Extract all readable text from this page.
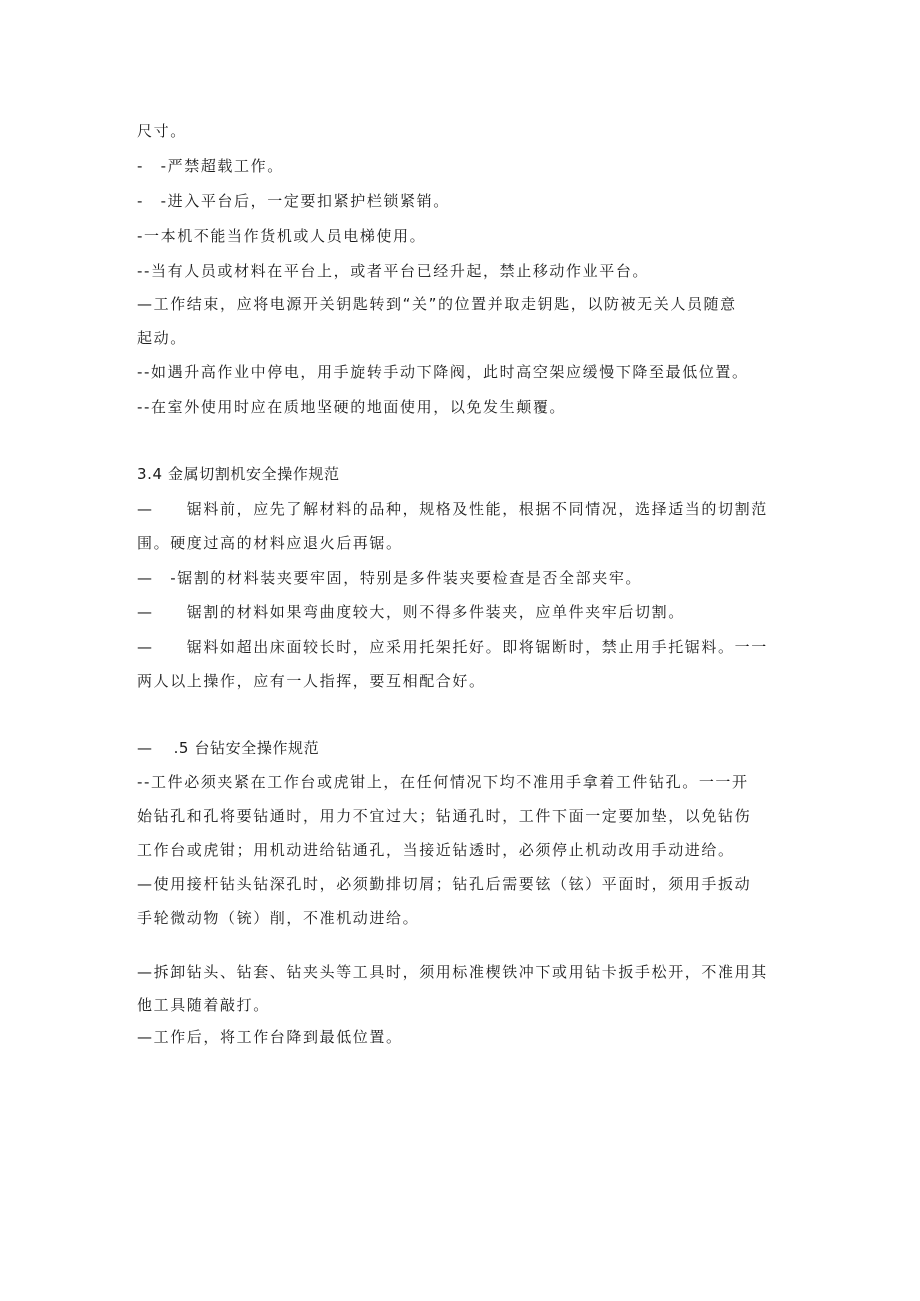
尺寸。
-　-严禁超载工作。
-　-进入平台后，一定要扣紧护栏锁紧销。
-一本机不能当作货机或人员电梯使用。
--当有人员或材料在平台上，或者平台已经升起，禁止移动作业平台。
—工作结束，应将电源开关钥匙转到“关”的位置并取走钥匙，以防被无关人员随意
起动。
--如遇升高作业中停电，用手旋转手动下降阀，此时高空架应缓慢下降至最低位置。
--在室外使用时应在质地坚硬的地面使用，以免发生颠覆。
3.4 金属切割机安全操作规范
—　　锯料前，应先了解材料的品种，规格及性能，根据不同情况，选择适当的切割范
围。硬度过高的材料应退火后再锯。
—　-锯割的材料装夹要牢固，特别是多件装夹要检查是否全部夹牢。
—　　锯割的材料如果弯曲度较大，则不得多件装夹，应单件夹牢后切割。
—　　锯料如超出床面较长时，应采用托架托好。即将锯断时，禁止用手托锯料。一一
两人以上操作，应有一人指挥，要互相配合好。
—　 .5 台钻安全操作规范
--工件必须夹紧在工作台或虎钳上，在任何情况下均不准用手拿着工件钻孔。一一开
始钻孔和孔将要钻通时，用力不宜过大；钻通孔时，工件下面一定要加垫，以免钻伤
工作台或虎钳；用机动进给钻通孔，当接近钻透时，必须停止机动改用手动进给。
—使用接杆钻头钻深孔时，必须勤排切屑；钻孔后需要铉（铉）平面时，须用手扳动
手轮微动物（铳）削，不准机动进给。
—拆卸钻头、钻套、钻夹头等工具时，须用标准楔铁冲下或用钻卡扳手松开，不准用其
他工具随着敲打。
—工作后，将工作台降到最低位置。
